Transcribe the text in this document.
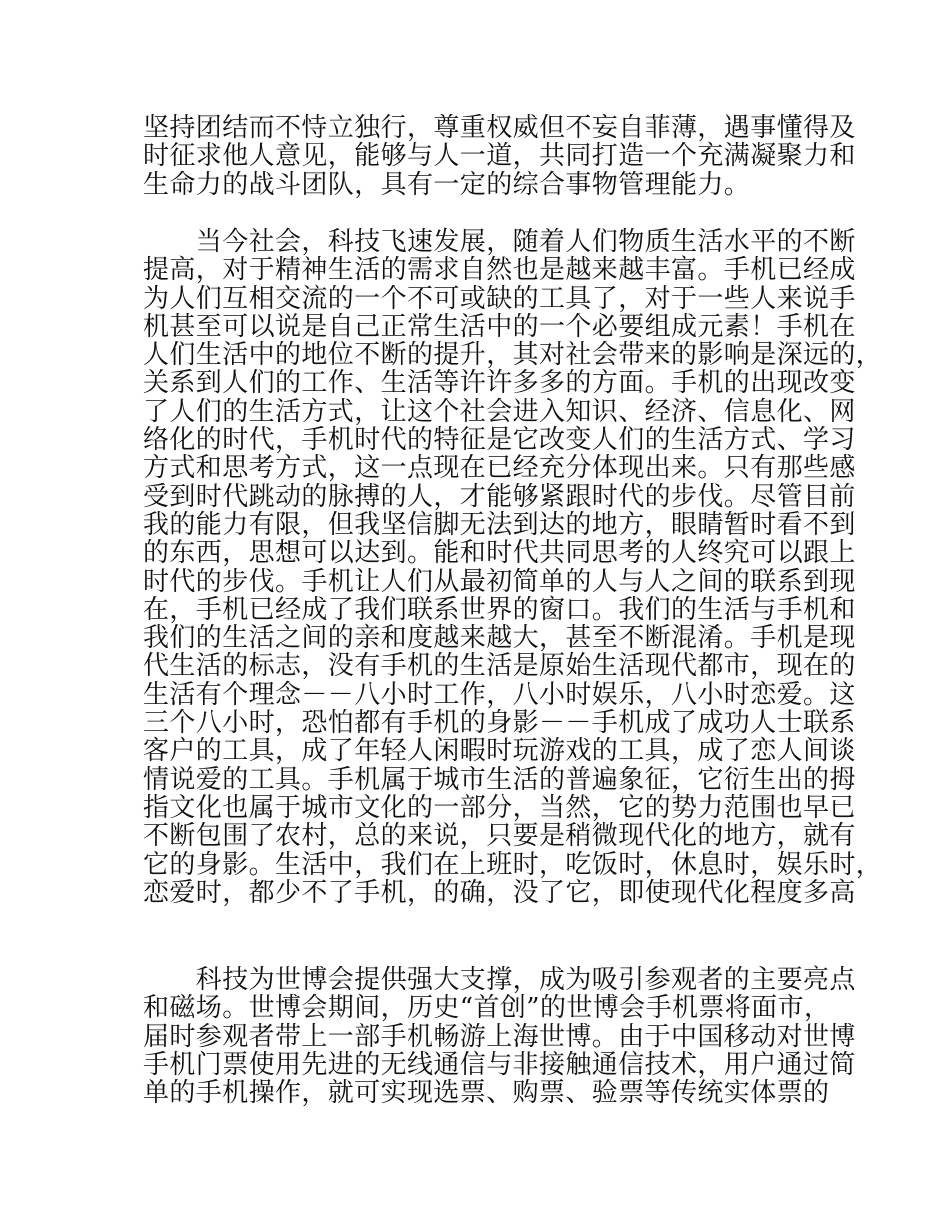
坚持团结而不恃立独行，尊重权威但不妄自菲薄，遇事懂得及
时征求他人意见，能够与人一道，共同打造一个充满凝聚力和
生命力的战斗团队，具有一定的综合事物管理能力。
　　当今社会，科技飞速发展，随着人们物质生活水平的不断
提高，对于精神生活的需求自然也是越来越丰富。手机已经成
为人们互相交流的一个不可或缺的工具了，对于一些人来说手
机甚至可以说是自己正常生活中的一个必要组成元素！手机在
人们生活中的地位不断的提升，其对社会带来的影响是深远的，
关系到人们的工作、生活等许许多多的方面。手机的出现改变
了人们的生活方式，让这个社会进入知识、经济、信息化、网
络化的时代，手机时代的特征是它改变人们的生活方式、学习
方式和思考方式，这一点现在已经充分体现出来。只有那些感
受到时代跳动的脉搏的人，才能够紧跟时代的步伐。尽管目前
我的能力有限，但我坚信脚无法到达的地方，眼睛暂时看不到
的东西，思想可以达到。能和时代共同思考的人终究可以跟上
时代的步伐。手机让人们从最初简单的人与人之间的联系到现
在，手机已经成了我们联系世界的窗口。我们的生活与手机和
我们的生活之间的亲和度越来越大，甚至不断混淆。手机是现
代生活的标志，没有手机的生活是原始生活现代都市，现在的
生活有个理念－－八小时工作，八小时娱乐，八小时恋爱。这
三个八小时，恐怕都有手机的身影－－手机成了成功人士联系
客户的工具，成了年轻人闲暇时玩游戏的工具，成了恋人间谈
情说爱的工具。手机属于城市生活的普遍象征，它衍生出的拇
指文化也属于城市文化的一部分，当然，它的势力范围也早已
不断包围了农村，总的来说，只要是稍微现代化的地方，就有
它的身影。生活中，我们在上班时，吃饭时，休息时，娱乐时，
恋爱时，都少不了手机，的确，没了它，即使现代化程度多高
　　科技为世博会提供强大支撑，成为吸引参观者的主要亮点
和磁场。世博会期间，历史“首创”的世博会手机票将面市，
届时参观者带上一部手机畅游上海世博。由于中国移动对世博
手机门票使用先进的无线通信与非接触通信技术，用户通过简
单的手机操作，就可实现选票、购票、验票等传统实体票的
